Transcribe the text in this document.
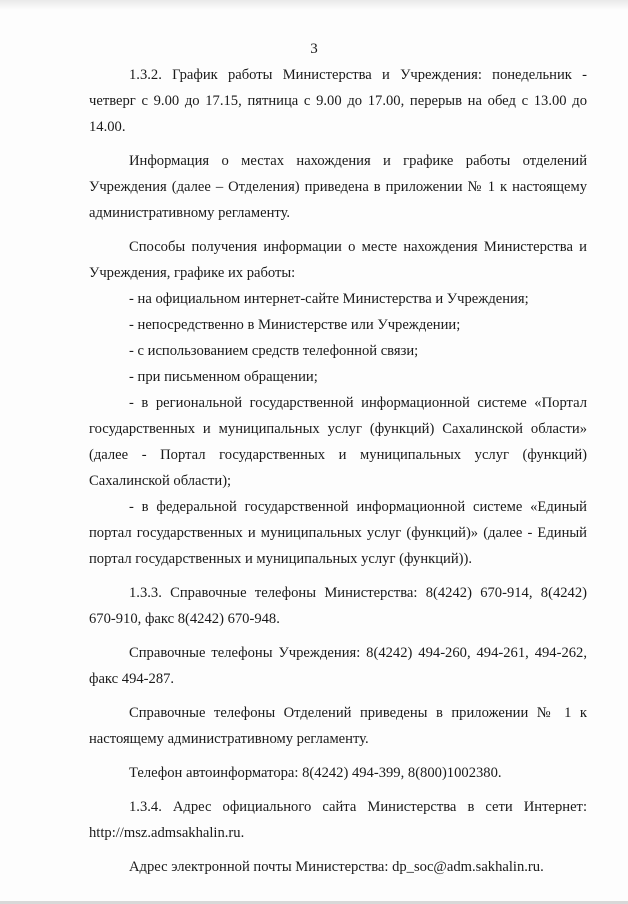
3

1.3.2. График работы Министерства и Учреждения: понедельник - четверг с 9.00 до 17.15, пятница с 9.00 до 17.00, перерыв на обед с 13.00 до 14.00.

Информация о местах нахождения и графике работы отделений Учреждения (далее – Отделения) приведена в приложении № 1 к настоящему административному регламенту.

Способы получения информации о месте нахождения Министерства и Учреждения, графике их работы:

- на официальном интернет-сайте Министерства и Учреждения;

- непосредственно в Министерстве или Учреждении;

- с использованием средств телефонной связи;

- при письменном обращении;

- в региональной государственной информационной системе «Портал государственных и муниципальных услуг (функций) Сахалинской области» (далее - Портал государственных и муниципальных услуг (функций) Сахалинской области);

- в федеральной государственной информационной системе «Единый портал государственных и муниципальных услуг (функций)» (далее - Единый портал государственных и муниципальных услуг (функций)).

1.3.3. Справочные телефоны Министерства: 8(4242) 670-914, 8(4242) 670-910, факс 8(4242) 670-948.

Справочные телефоны Учреждения: 8(4242) 494-260, 494-261, 494-262, факс 494-287.

Справочные телефоны Отделений приведены в приложении № 1 к настоящему административному регламенту.

Телефон автоинформатора: 8(4242) 494-399, 8(800)1002380.

1.3.4. Адрес официального сайта Министерства в сети Интернет: http://msz.admsakhalin.ru.

Адрес электронной почты Министерства: dp_soc@adm.sakhalin.ru.
